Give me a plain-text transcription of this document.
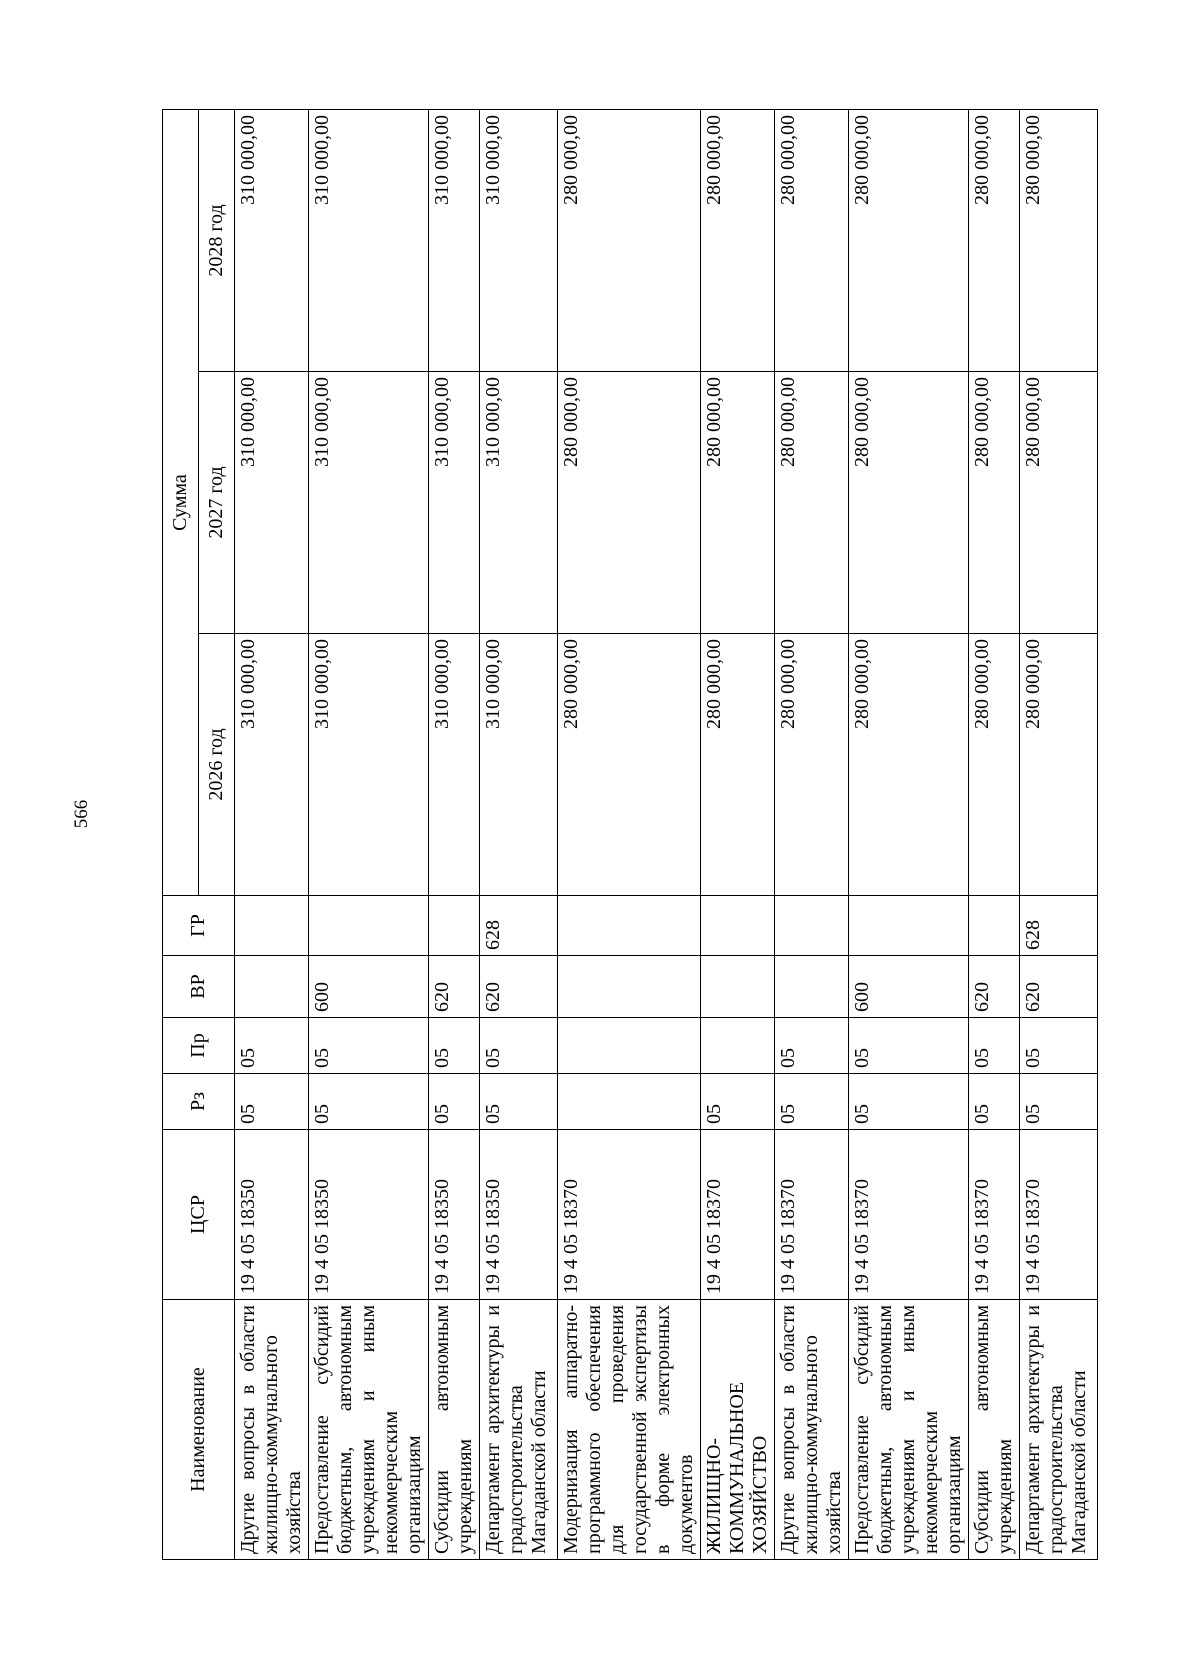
566
Наименование	ЦСР	Рз	Пр	ВР	ГР	Сумма		
						2026 год	2027 год	2028 год
Другие вопросы в области жилищно-коммунального хозяйства	19 4 05 18350	05	05			310 000,00	310 000,00	310 000,00
Предоставление субсидий бюджетным, автономным учреждениям и иным некоммерческим организациям	19 4 05 18350	05	05	600		310 000,00	310 000,00	310 000,00
Субсидии автономным учреждениям	19 4 05 18350	05	05	620		310 000,00	310 000,00	310 000,00
Департамент архитектуры и градостроительства Магаданской области	19 4 05 18350	05	05	620	628	310 000,00	310 000,00	310 000,00
Модернизация аппаратно-программного обеспечения для проведения государственной экспертизы в форме электронных документов	19 4 05 18370					280 000,00	280 000,00	280 000,00
ЖИЛИЩНО-КОММУНАЛЬНОЕ ХОЗЯЙСТВО	19 4 05 18370	05				280 000,00	280 000,00	280 000,00
Другие вопросы в области жилищно-коммунального хозяйства	19 4 05 18370	05	05			280 000,00	280 000,00	280 000,00
Предоставление субсидий бюджетным, автономным учреждениям и иным некоммерческим организациям	19 4 05 18370	05	05	600		280 000,00	280 000,00	280 000,00
Субсидии автономным учреждениям	19 4 05 18370	05	05	620		280 000,00	280 000,00	280 000,00
Департамент архитектуры и градостроительства Магаданской области	19 4 05 18370	05	05	620	628	280 000,00	280 000,00	280 000,00
